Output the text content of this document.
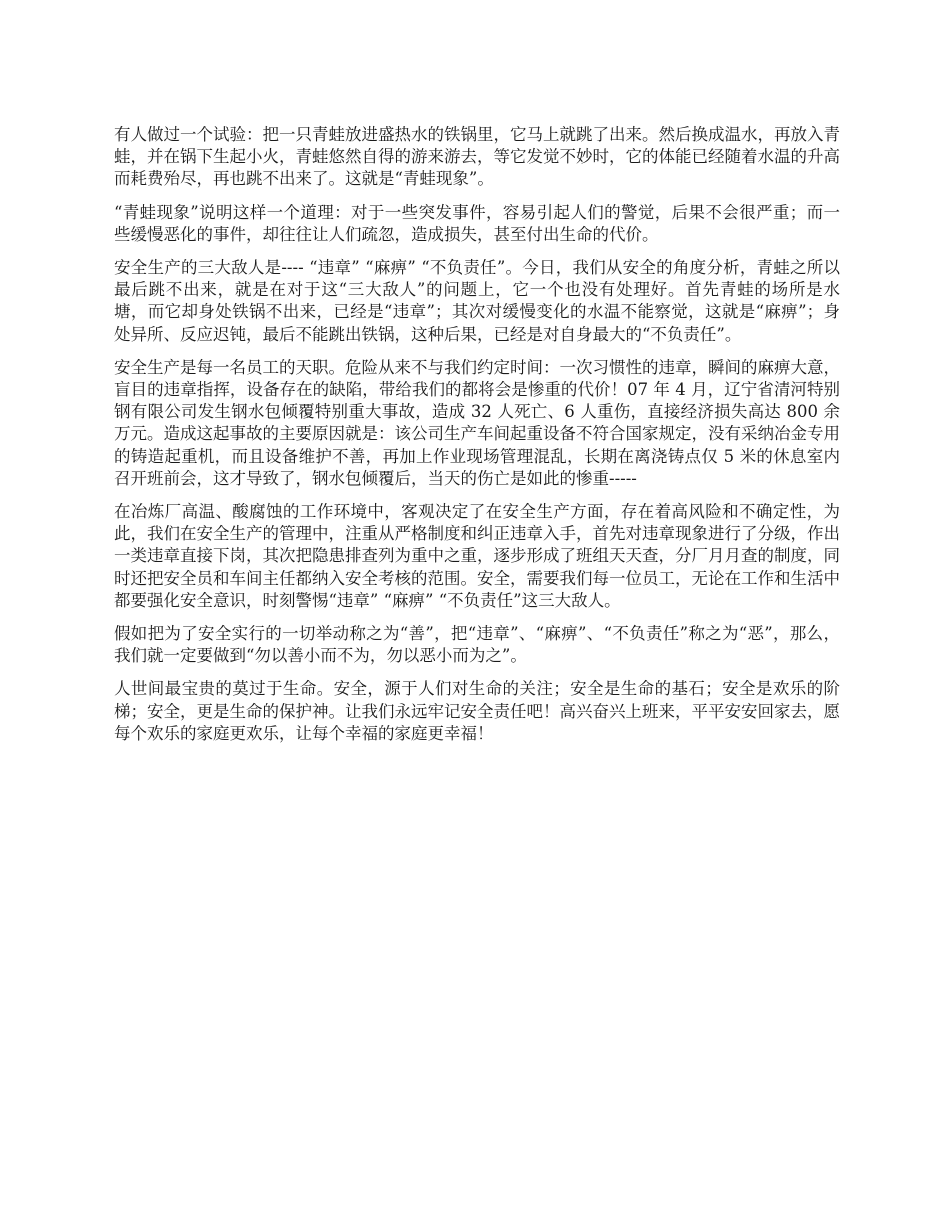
有人做过一个试验：把一只青蛙放进盛热水的铁锅里，它马上就跳了出来。然后换成温水，再放入青蛙，并在锅下生起小火，青蛙悠然自得的游来游去，等它发觉不妙时，它的体能已经随着水温的升高而耗费殆尽，再也跳不出来了。这就是“青蛙现象”。

“青蛙现象”说明这样一个道理：对于一些突发事件，容易引起人们的警觉，后果不会很严重；而一些缓慢恶化的事件，却往往让人们疏忽，造成损失，甚至付出生命的代价。

安全生产的三大敌人是---- “违章” “麻痹” “不负责任”。今日，我们从安全的角度分析，青蛙之所以最后跳不出来，就是在对于这“三大敌人”的问题上，它一个也没有处理好。首先青蛙的场所是水塘，而它却身处铁锅不出来，已经是“违章”；其次对缓慢变化的水温不能察觉，这就是“麻痹”；身处异所、反应迟钝，最后不能跳出铁锅，这种后果，已经是对自身最大的“不负责任”。

安全生产是每一名员工的天职。危险从来不与我们约定时间：一次习惯性的违章，瞬间的麻痹大意，盲目的违章指挥，设备存在的缺陷，带给我们的都将会是惨重的代价！07 年 4 月，辽宁省清河特别钢有限公司发生钢水包倾覆特别重大事故，造成 32 人死亡、6 人重伤，直接经济损失高达 800 余万元。造成这起事故的主要原因就是：该公司生产车间起重设备不符合国家规定，没有采纳冶金专用的铸造起重机，而且设备维护不善，再加上作业现场管理混乱，长期在离浇铸点仅 5 米的休息室内召开班前会，这才导致了，钢水包倾覆后，当天的伤亡是如此的惨重-----

在冶炼厂高温、酸腐蚀的工作环境中，客观决定了在安全生产方面，存在着高风险和不确定性，为此，我们在安全生产的管理中，注重从严格制度和纠正违章入手，首先对违章现象进行了分级，作出一类违章直接下岗，其次把隐患排查列为重中之重，逐步形成了班组天天查，分厂月月查的制度，同时还把安全员和车间主任都纳入安全考核的范围。安全，需要我们每一位员工，无论在工作和生活中都要强化安全意识，时刻警惕“违章” “麻痹” “不负责任”这三大敌人。

假如把为了安全实行的一切举动称之为“善”，把“违章”、“麻痹”、“不负责任”称之为“恶”，那么，我们就一定要做到“勿以善小而不为，勿以恶小而为之”。

人世间最宝贵的莫过于生命。安全，源于人们对生命的关注；安全是生命的基石；安全是欢乐的阶梯；安全，更是生命的保护神。让我们永远牢记安全责任吧！高兴奋兴上班来，平平安安回家去，愿每个欢乐的家庭更欢乐，让每个幸福的家庭更幸福！
